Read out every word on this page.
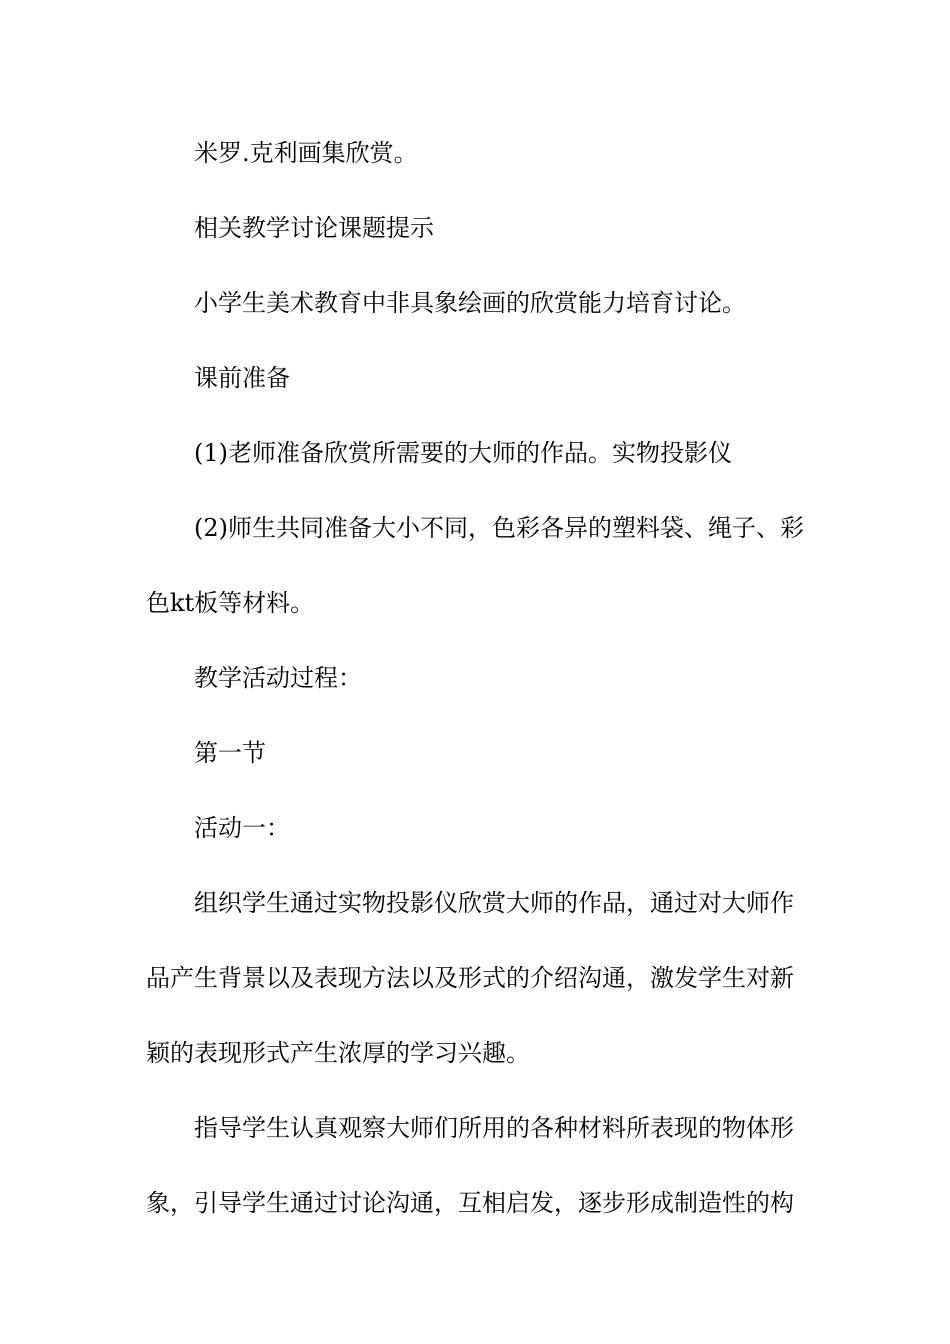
米罗.克利画集欣赏。

相关教学讨论课题提示

小学生美术教育中非具象绘画的欣赏能力培育讨论。

课前准备

(1)老师准备欣赏所需要的大师的作品。实物投影仪

(2)师生共同准备大小不同，色彩各异的塑料袋、绳子、彩色kt板等材料。

教学活动过程：

第一节

活动一：

组织学生通过实物投影仪欣赏大师的作品，通过对大师作品产生背景以及表现方法以及形式的介绍沟通，激发学生对新颖的表现形式产生浓厚的学习兴趣。

指导学生认真观察大师们所用的各种材料所表现的物体形象，引导学生通过讨论沟通，互相启发，逐步形成制造性的构
